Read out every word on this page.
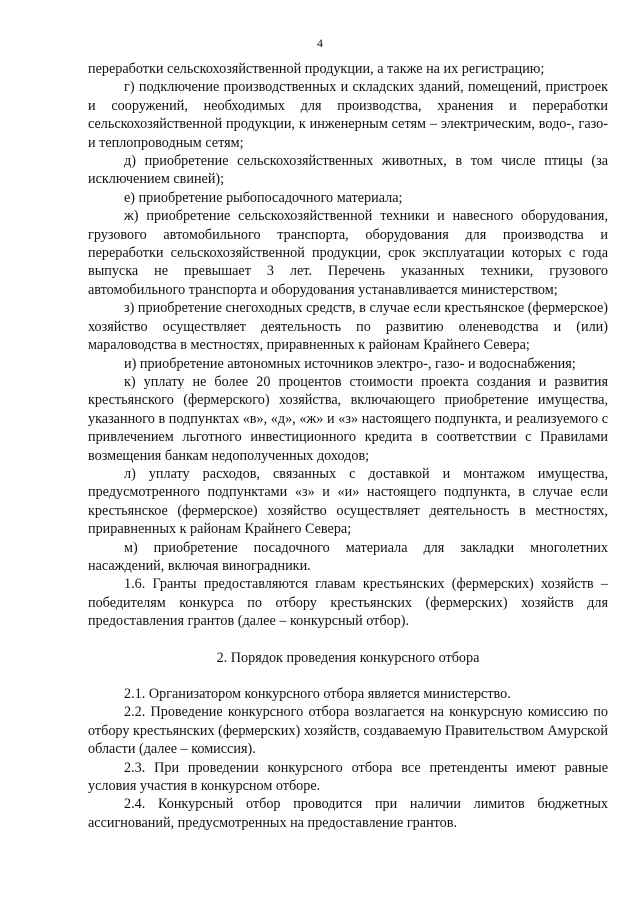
4

переработки сельскохозяйственной продукции, а также на их регистрацию;

г) подключение производственных и складских зданий, помещений, пристроек и сооружений, необходимых для производства, хранения и переработки сельскохозяйственной продукции, к инженерным сетям – электрическим, водо-, газо- и теплопроводным сетям;

д) приобретение сельскохозяйственных животных, в том числе птицы (за исключением свиней);

е) приобретение рыбопосадочного материала;

ж) приобретение сельскохозяйственной техники и навесного оборудования, грузового автомобильного транспорта, оборудования для производства и переработки сельскохозяйственной продукции, срок эксплуатации которых с года выпуска не превышает 3 лет. Перечень указанных техники, грузового автомобильного транспорта и оборудования устанавливается министерством;

з) приобретение снегоходных средств, в случае если крестьянское (фермерское) хозяйство осуществляет деятельность по развитию оленеводства и (или) мараловодства в местностях, приравненных к районам Крайнего Севера;

и) приобретение автономных источников электро-, газо- и водоснабжения;

к) уплату не более 20 процентов стоимости проекта создания и развития крестьянского (фермерского) хозяйства, включающего приобретение имущества, указанного в подпунктах «в», «д», «ж» и «з» настоящего подпункта, и реализуемого с привлечением льготного инвестиционного кредита в соответствии с Правилами возмещения банкам недополученных доходов;

л) уплату расходов, связанных с доставкой и монтажом имущества, предусмотренного подпунктами «з» и «и» настоящего подпункта, в случае если крестьянское (фермерское) хозяйство осуществляет деятельность в местностях, приравненных к районам Крайнего Севера;

м) приобретение посадочного материала для закладки многолетних насаждений, включая виноградники.

1.6. Гранты предоставляются главам крестьянских (фермерских) хозяйств – победителям конкурса по отбору крестьянских (фермерских) хозяйств для предоставления грантов (далее – конкурсный отбор).

2. Порядок проведения конкурсного отбора

2.1. Организатором конкурсного отбора является министерство.

2.2. Проведение конкурсного отбора возлагается на конкурсную комиссию по отбору крестьянских (фермерских) хозяйств, создаваемую Правительством Амурской области (далее – комиссия).

2.3. При проведении конкурсного отбора все претенденты имеют равные условия участия в конкурсном отборе.

2.4. Конкурсный отбор проводится при наличии лимитов бюджетных ассигнований, предусмотренных на предоставление грантов.
